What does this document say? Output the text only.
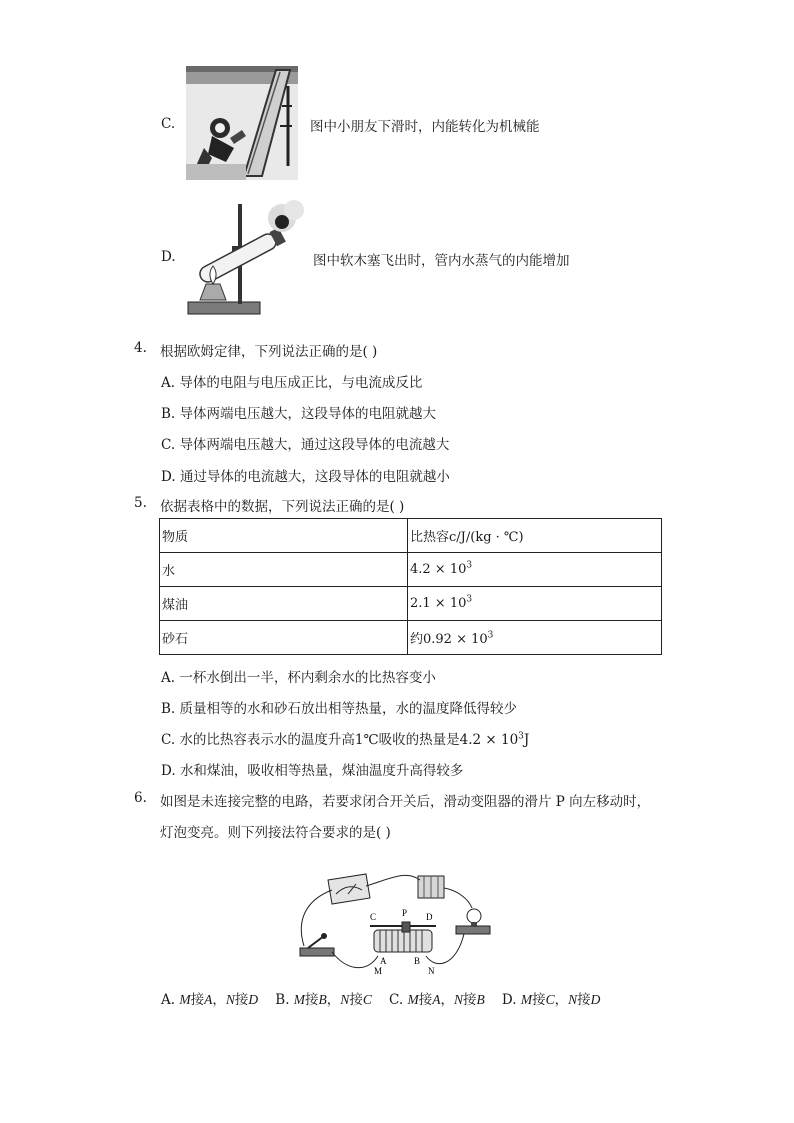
C.	图中小朋友下滑时，内能转化为机械能
D.	图中软木塞飞出时，管内水蒸气的内能增加
4. 根据欧姆定律，下列说法正确的是( )
A. 导体的电阻与电压成正比，与电流成反比
B. 导体两端电压越大，这段导体的电阻就越大
C. 导体两端电压越大，通过这段导体的电流越大
D. 通过导体的电流越大，这段导体的电阻就越小
5. 依据表格中的数据，下列说法正确的是( )
物质	比热容c/J/(kg · ℃)
水	$4.2 \times 10^3$
煤油	$2.1 \times 10^3$
砂石	约$0.92 \times 10^3$
A. 一杯水倒出一半，杯内剩余水的比热容变小
B. 质量相等的水和砂石放出相等热量，水的温度降低得较少
C. 水的比热容表示水的温度升高1℃吸收的热量是$4.2 \times 10^3J$
D. 水和煤油，吸收相等热量，煤油温度升高得较多
6. 如图是未连接完整的电路，若要求闭合开关后，滑动变阻器的滑片 P 向左移动时，
灯泡变亮。则下列接法符合要求的是( )
C	P D
A	B
M	N
A. M接A，N接D B. M接B，N接C C. M接A，N接B D. M接C，N接D
